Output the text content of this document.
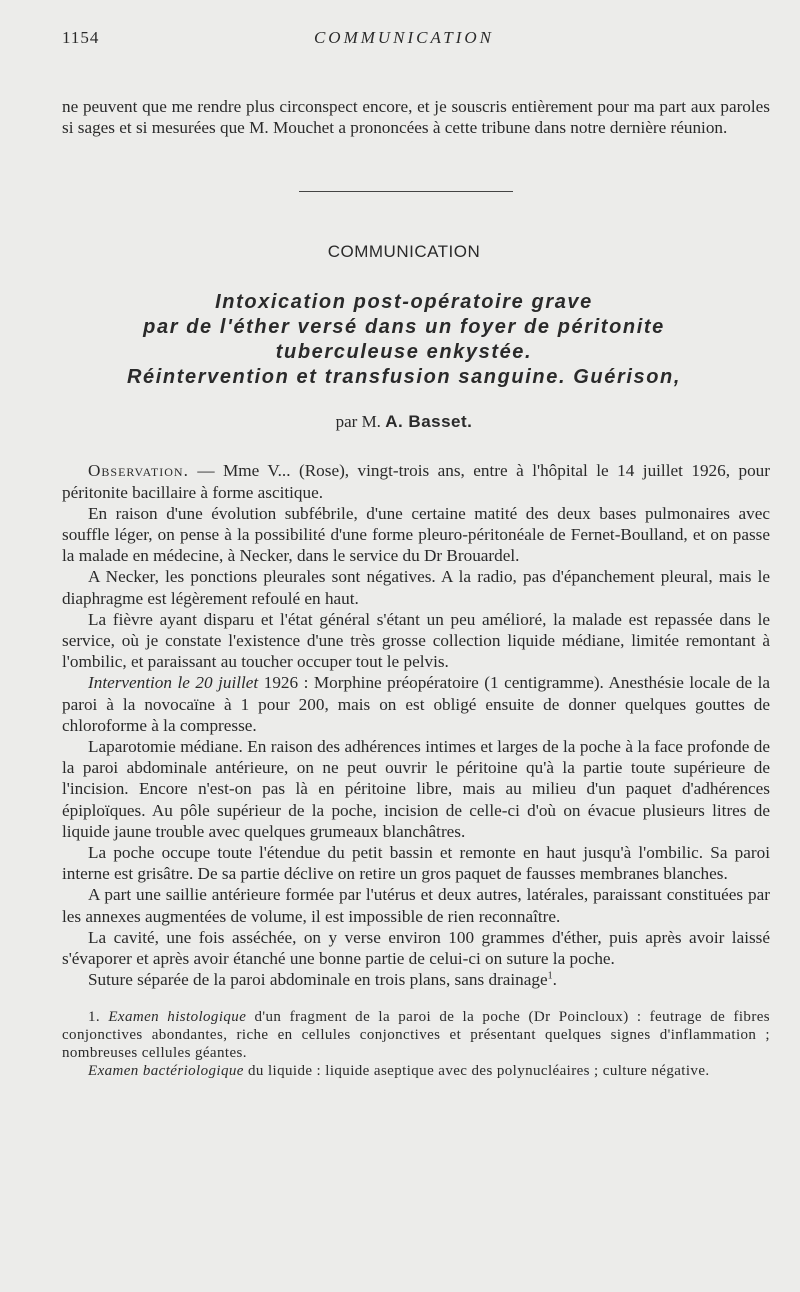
1154	COMMUNICATION

ne peuvent que me rendre plus circonspect encore, et je souscris entièrement pour ma part aux paroles si sages et si mesurées que M. Mouchet a prononcées à cette tribune dans notre dernière réunion.

COMMUNICATION
Intoxication post-opératoire grave
par de l'éther versé dans un foyer de péritonite
tuberculeuse enkystée.
Réintervention et transfusion sanguine. Guérison,
par M. A. Basset.

Observation. — Mme V... (Rose), vingt-trois ans, entre à l'hôpital le 14 juillet 1926, pour péritonite bacillaire à forme ascitique.

En raison d'une évolution subfébrile, d'une certaine matité des deux bases pulmonaires avec souffle léger, on pense à la possibilité d'une forme pleuro-péritonéale de Fernet-Boulland, et on passe la malade en médecine, à Necker, dans le service du Dr Brouardel.

A Necker, les ponctions pleurales sont négatives. A la radio, pas d'épanchement pleural, mais le diaphragme est légèrement refoulé en haut.

La fièvre ayant disparu et l'état général s'étant un peu amélioré, la malade est repassée dans le service, où je constate l'existence d'une très grosse collection liquide médiane, limitée remontant à l'ombilic, et paraissant au toucher occuper tout le pelvis.

Intervention le 20 juillet 1926 : Morphine préopératoire (1 centigramme). Anesthésie locale de la paroi à la novocaïne à 1 pour 200, mais on est obligé ensuite de donner quelques gouttes de chloroforme à la compresse.

Laparotomie médiane. En raison des adhérences intimes et larges de la poche à la face profonde de la paroi abdominale antérieure, on ne peut ouvrir le péritoine qu'à la partie toute supérieure de l'incision. Encore n'est-on pas là en péritoine libre, mais au milieu d'un paquet d'adhérences épiploïques. Au pôle supérieur de la poche, incision de celle-ci d'où on évacue plusieurs litres de liquide jaune trouble avec quelques grumeaux blanchâtres.

La poche occupe toute l'étendue du petit bassin et remonte en haut jusqu'à l'ombilic. Sa paroi interne est grisâtre. De sa partie déclive on retire un gros paquet de fausses membranes blanches.

A part une saillie antérieure formée par l'utérus et deux autres, latérales, paraissant constituées par les annexes augmentées de volume, il est impossible de rien reconnaître.

La cavité, une fois asséchée, on y verse environ 100 grammes d'éther, puis après avoir laissé s'évaporer et après avoir étanché une bonne partie de celui-ci on suture la poche.

Suture séparée de la paroi abdominale en trois plans, sans drainage$^1$.

1. Examen histologique d'un fragment de la paroi de la poche (Dr Poincloux) : feutrage de fibres conjonctives abondantes, riche en cellules conjonctives et présentant quelques signes d'inflammation ; nombreuses cellules géantes.

Examen bactériologique du liquide : liquide aseptique avec des polynucléaires ; culture négative.
